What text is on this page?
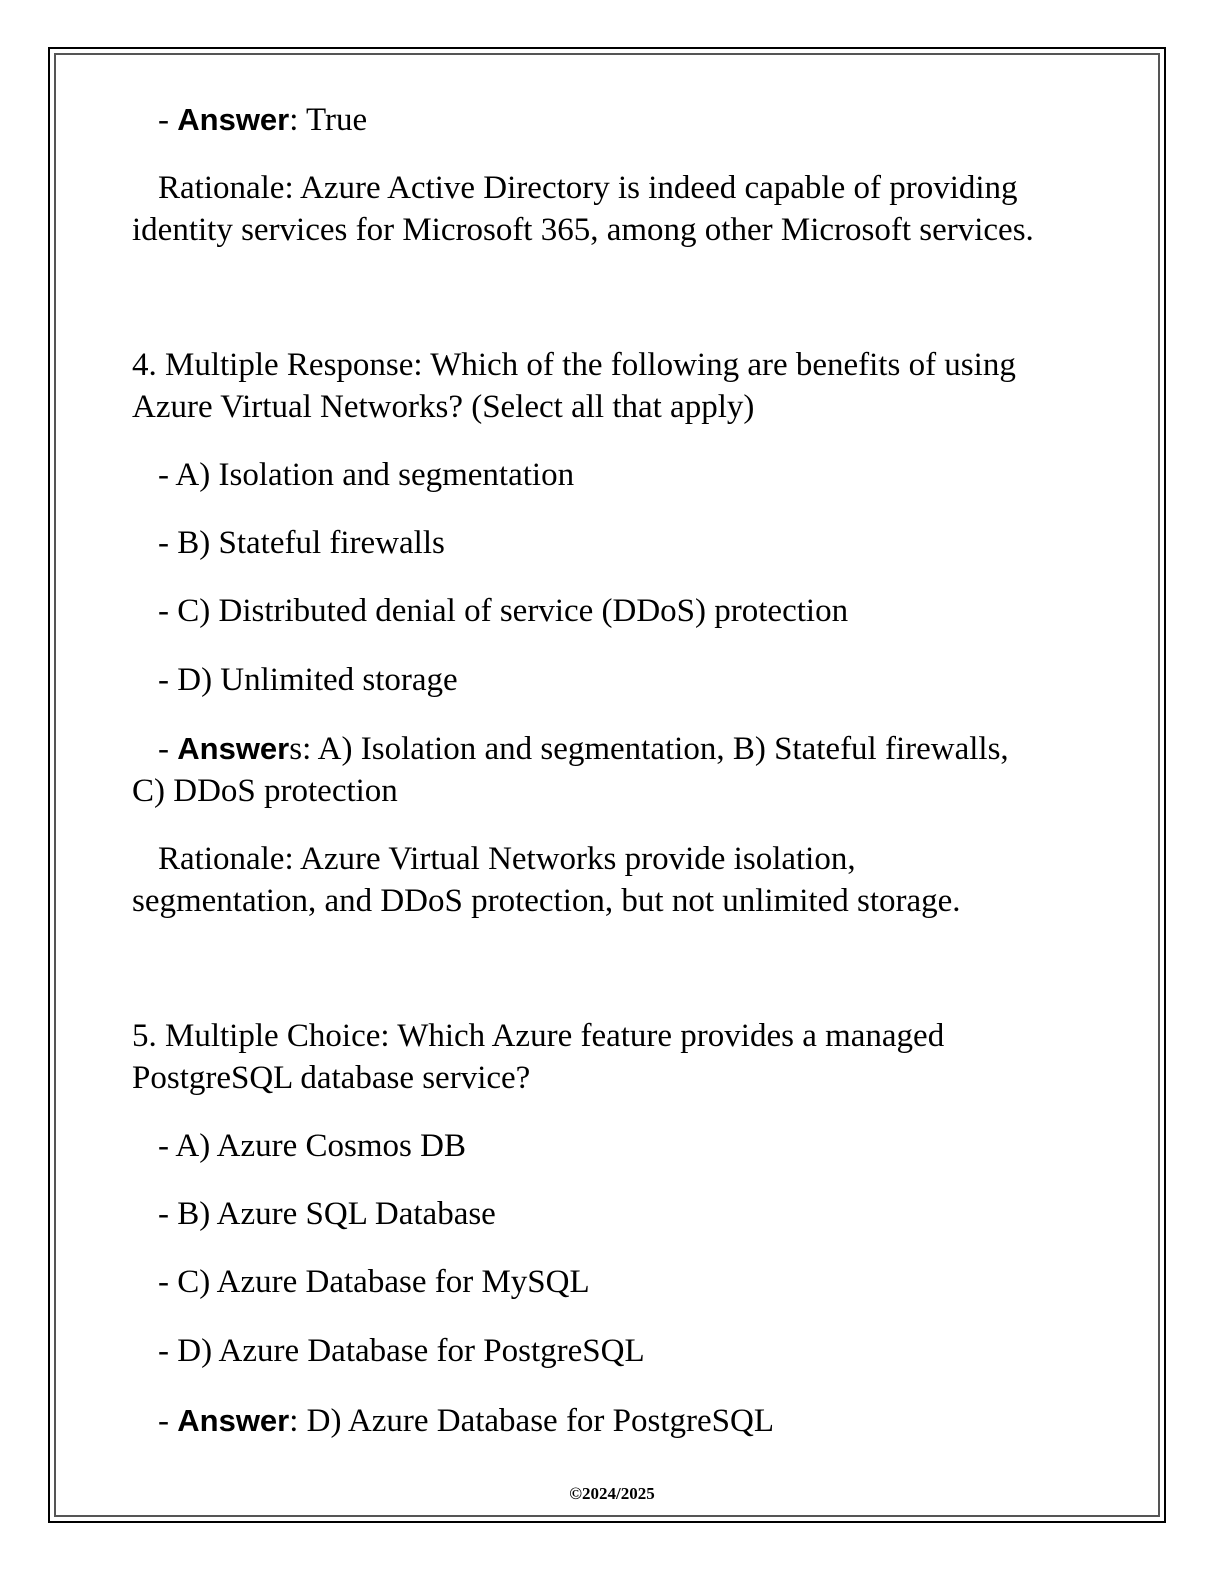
- Answer: True
Rationale: Azure Active Directory is indeed capable of providing
identity services for Microsoft 365, among other Microsoft services.
4. Multiple Response: Which of the following are benefits of using
Azure Virtual Networks? (Select all that apply)
- A) Isolation and segmentation
- B) Stateful firewalls
- C) Distributed denial of service (DDoS) protection
- D) Unlimited storage
- Answers: A) Isolation and segmentation, B) Stateful firewalls,
C) DDoS protection
Rationale: Azure Virtual Networks provide isolation,
segmentation, and DDoS protection, but not unlimited storage.
5. Multiple Choice: Which Azure feature provides a managed
PostgreSQL database service?
- A) Azure Cosmos DB
- B) Azure SQL Database
- C) Azure Database for MySQL
- D) Azure Database for PostgreSQL
- Answer: D) Azure Database for PostgreSQL
©2024/2025
